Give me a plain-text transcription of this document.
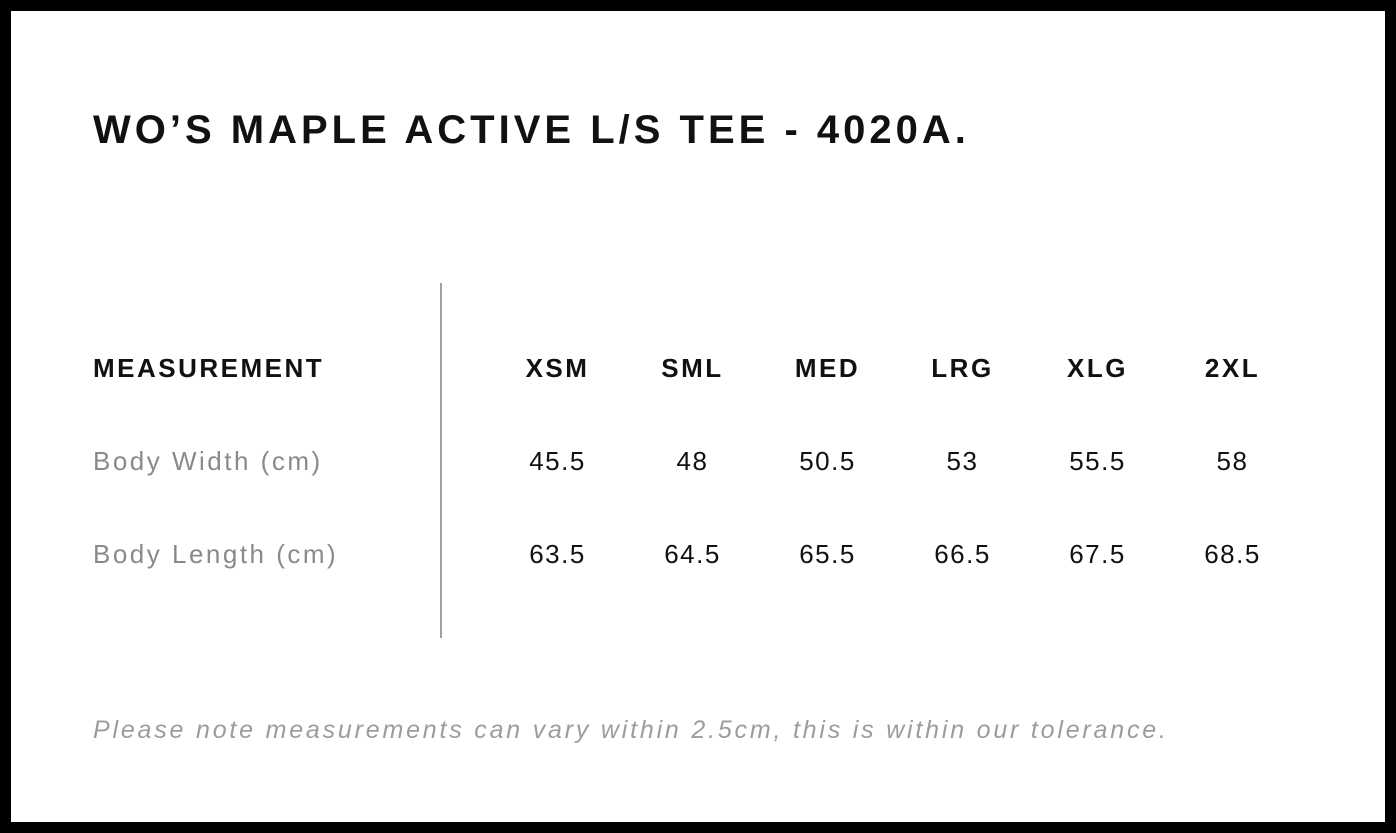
WO’S MAPLE ACTIVE L/S TEE - 4020A.
MEASUREMENT	XSM	SML	MED	LRG	XLG	2XL
Body Width (cm)	45.5	48	50.5	53	55.5	58
Body Length (cm)	63.5	64.5	65.5	66.5	67.5	68.5

Please note measurements can vary within 2.5cm, this is within our tolerance.
